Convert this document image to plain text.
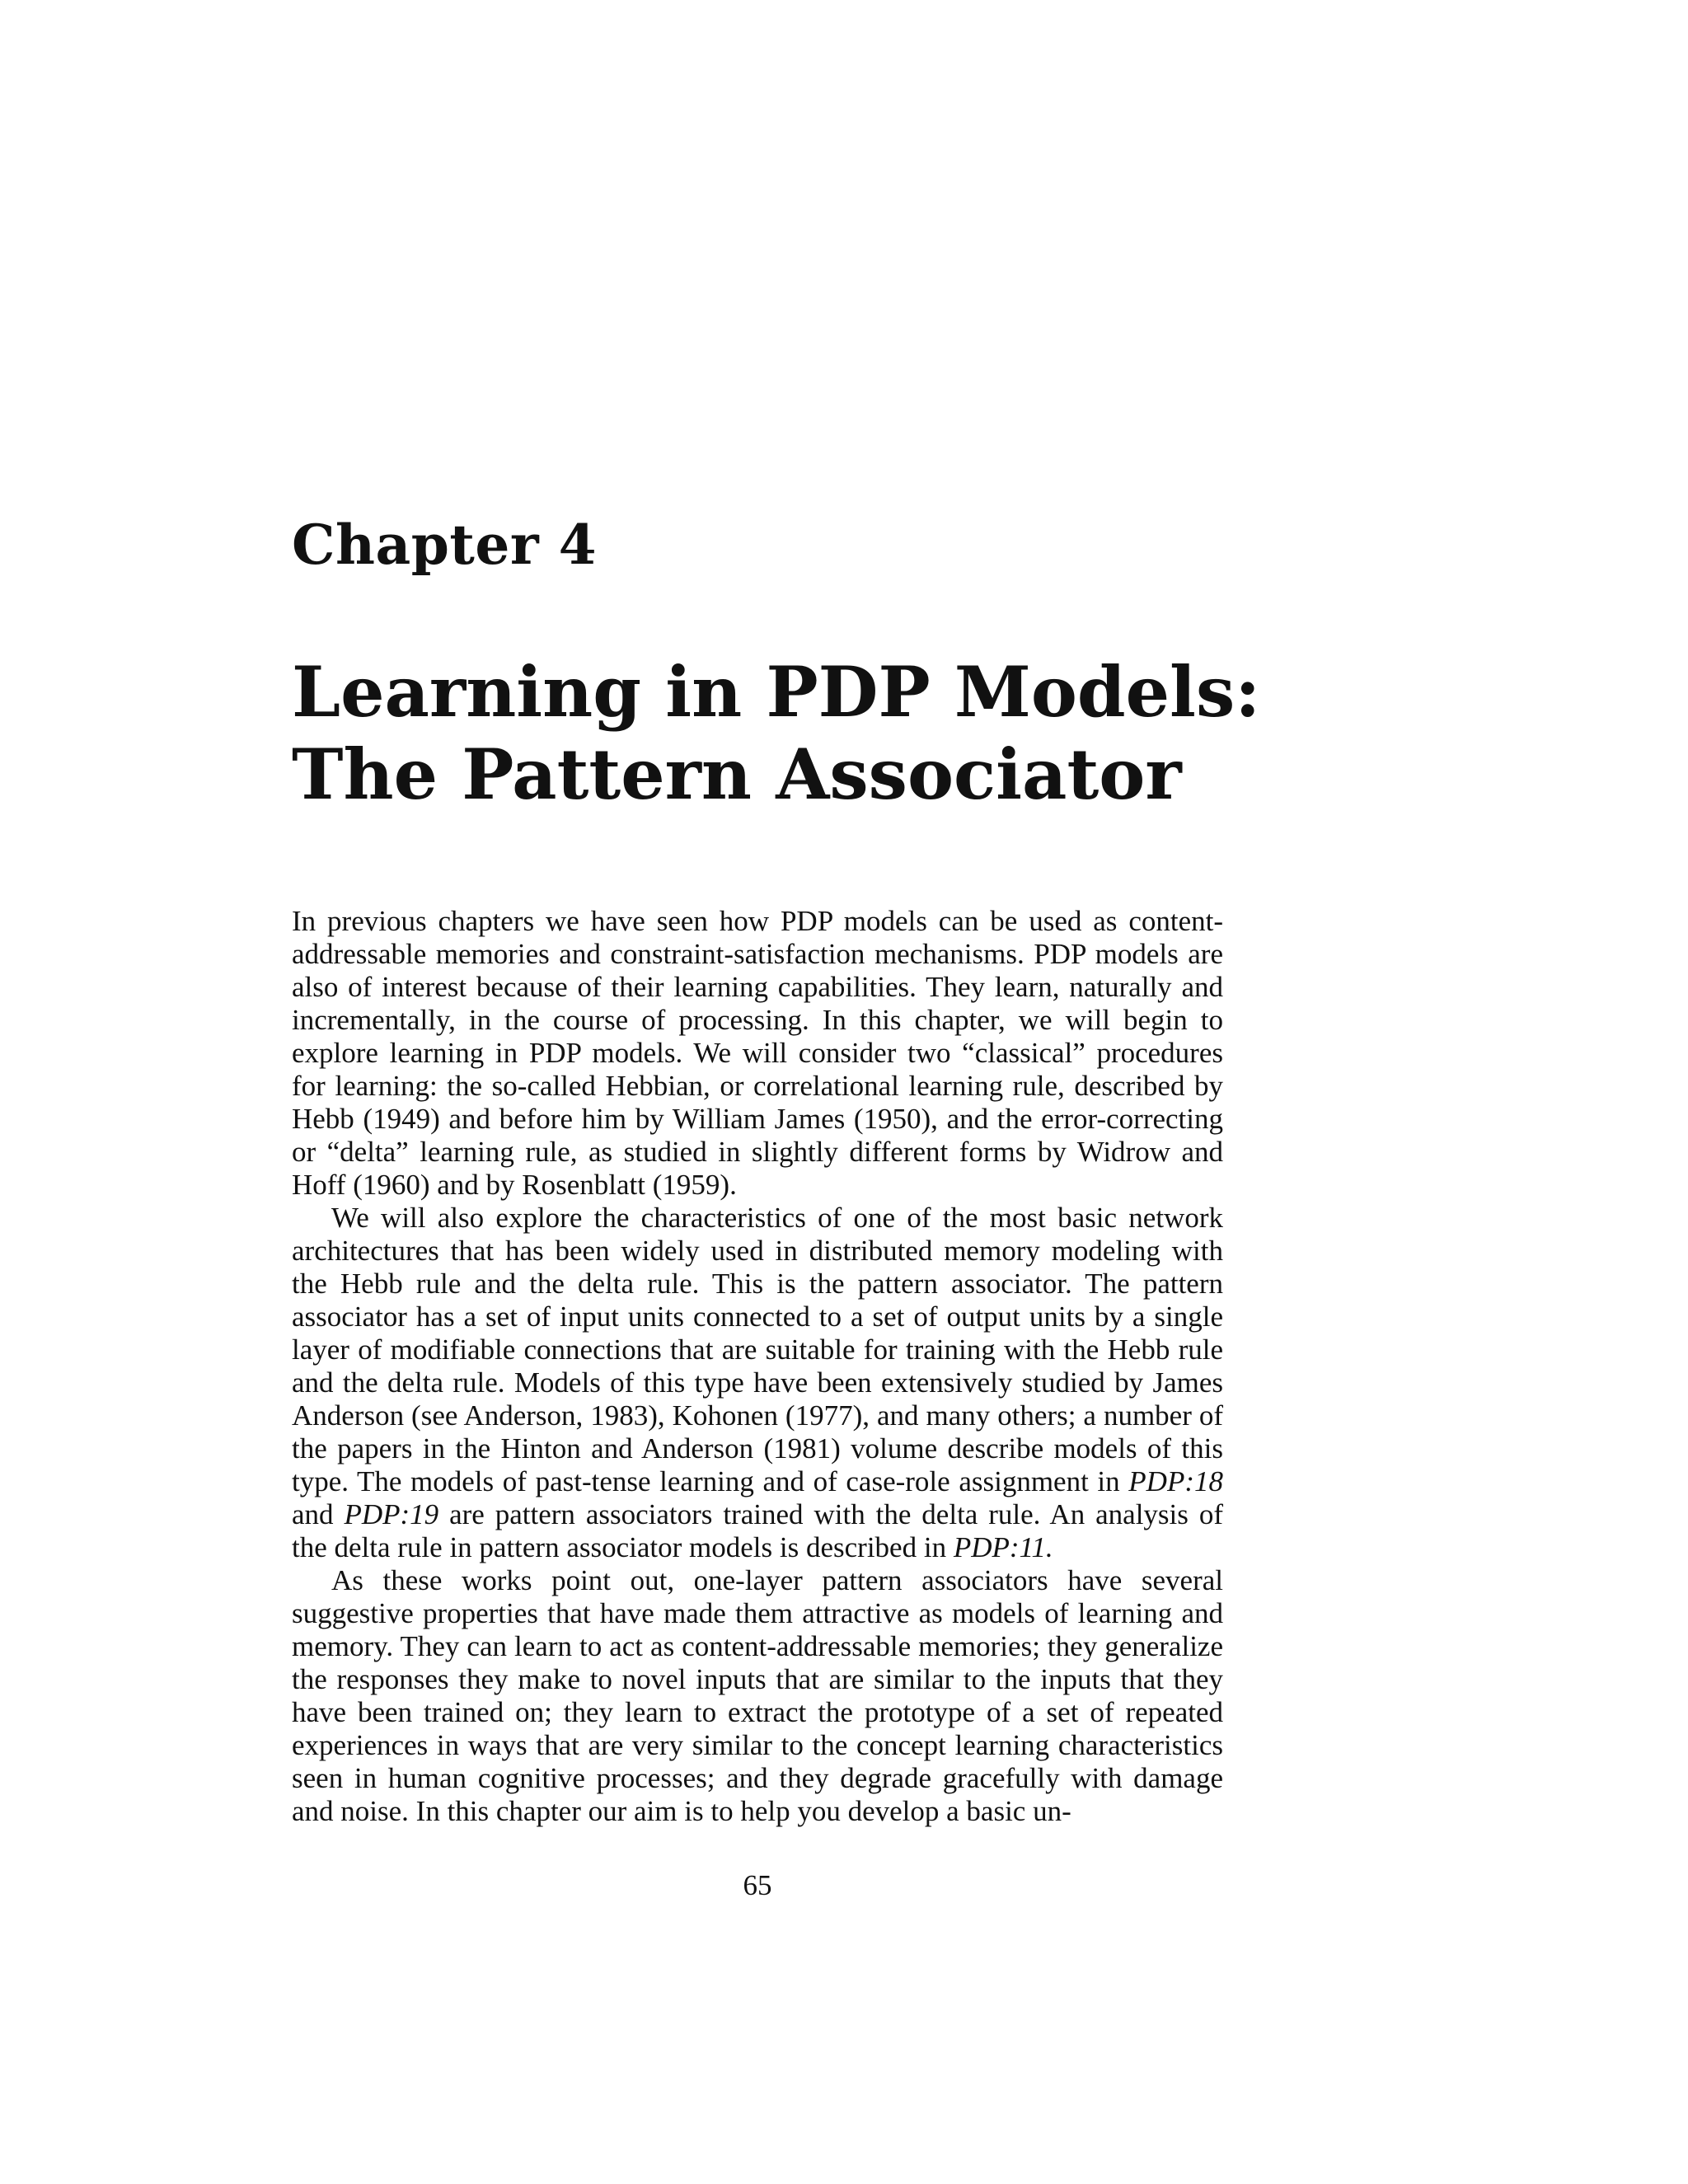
Chapter 4
Learning in PDP Models:
The Pattern Associator

In previous chapters we have seen how PDP models can be used as content-addressable memories and constraint-satisfaction mechanisms. PDP models are also of interest because of their learning capabilities. They learn, naturally and incrementally, in the course of processing. In this chapter, we will begin to explore learning in PDP models. We will consider two “classical” procedures for learning: the so-called Hebbian, or correlational learning rule, described by Hebb (1949) and before him by William James (1950), and the error-correcting or “delta” learning rule, as studied in slightly different forms by Widrow and Hoff (1960) and by Rosenblatt (1959).

We will also explore the characteristics of one of the most basic network architectures that has been widely used in distributed memory modeling with the Hebb rule and the delta rule. This is the pattern associator. The pattern associator has a set of input units connected to a set of output units by a single layer of modifiable connections that are suitable for training with the Hebb rule and the delta rule. Models of this type have been extensively studied by James Anderson (see Anderson, 1983), Kohonen (1977), and many others; a number of the papers in the Hinton and Anderson (1981) volume describe models of this type. The models of past-tense learning and of case-role assignment in PDP:18 and PDP:19 are pattern associators trained with the delta rule. An analysis of the delta rule in pattern associator models is described in PDP:11.

As these works point out, one-layer pattern associators have several suggestive properties that have made them attractive as models of learning and memory. They can learn to act as content-addressable memories; they generalize the responses they make to novel inputs that are similar to the inputs that they have been trained on; they learn to extract the prototype of a set of repeated experiences in ways that are very similar to the concept learning characteristics seen in human cognitive processes; and they degrade gracefully with damage and noise. In this chapter our aim is to help you develop a basic un-

65
